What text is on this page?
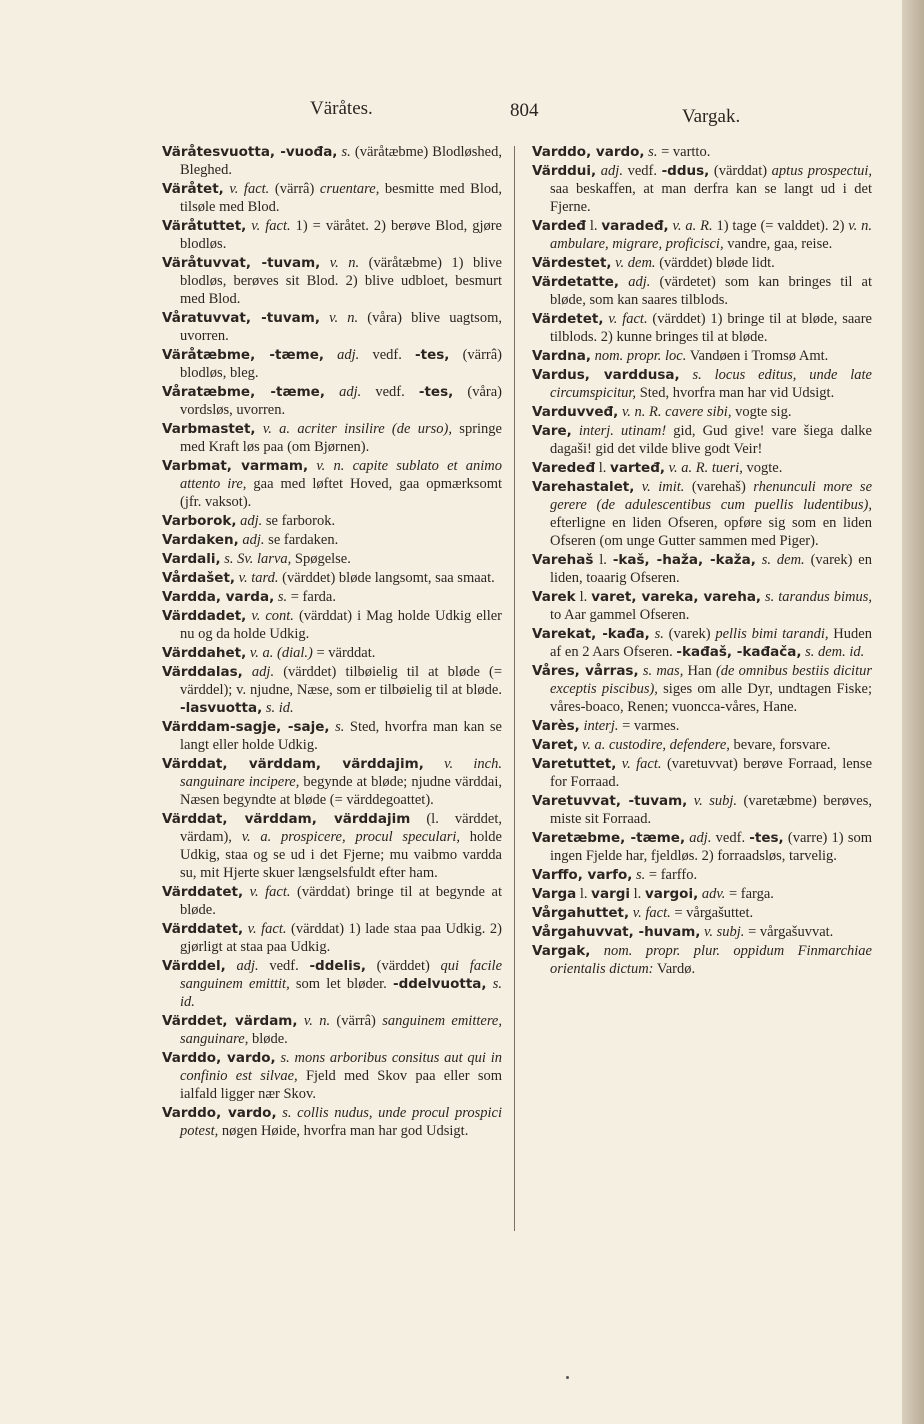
Väråtes.	804	Vargak.
Väråtesvuotta, -vuođa, s. (väråtæbme) Blodløshed, Bleghed.
Väråtet, v. fact. (värrâ) cruentare, besmitte med Blod, tilsøle med Blod.
Väråtuttet, v. fact. 1) = väråtet. 2) berøve Blod, gjøre blodløs.
Väråtuvvat, -tuvam, v. n. (väråtæbme) 1) blive blodløs, berøves sit Blod. 2) blive udbloet, besmurt med Blod.
Våratuvvat, -tuvam, v. n. (våra) blive uagtsom, uvorren.
Väråtæbme, -tæme, adj. vedf. -tes, (värrâ) blodløs, bleg.
Våratæbme, -tæme, adj. vedf. -tes, (våra) vordsløs, uvorren.
Varbmastet, v. a. acriter insilire (de urso), springe med Kraft løs paa (om Bjørnen).
Varbmat, varmam, v. n. capite sublato et animo attento ire, gaa med løftet Hoved, gaa opmærksomt (jfr. vaksot).
Varborok, adj. se farborok.
Vardaken, adj. se fardaken.
Vardali, s. Sv. larva, Spøgelse.
Vårdašet, v. tard. (värddet) bløde langsomt, saa smaat.
Vardda, varda, s. = farda.
Värddadet, v. cont. (värddat) i Mag holde Udkig eller nu og da holde Udkig.
Värddahet, v. a. (dial.) = värddat.
Värddalas, adj. (värddet) tilbøielig til at bløde (= värddel); v. njudne, Næse, som er tilbøielig til at bløde. -lasvuotta, s. id.
Värddam-sagje, -saje, s. Sted, hvorfra man kan se langt eller holde Udkig.
Värddat, värddam, värddajim, v. inch. sanguinare incipere, begynde at bløde; njudne värddai, Næsen begyndte at bløde (= värddegoattet).
Värddat, värddam, värddajim (l. värddet, värdam), v. a. prospicere, procul speculari, holde Udkig, staa og se ud i det Fjerne; mu vaibmo vardda su, mit Hjerte skuer længselsfuldt efter ham.
Värddatet, v. fact. (värddat) bringe til at begynde at bløde.
Värddatet, v. fact. (värddat) 1) lade staa paa Udkig. 2) gjørligt at staa paa Udkig.
Värddel, adj. vedf. -ddelis, (värddet) qui facile sanguinem emittit, som let bløder. -ddelvuotta, s. id.
Värddet, värdam, v. n. (värrâ) sanguinem emittere, sanguinare, bløde.
Varddo, vardo, s. mons arboribus consitus aut qui in confinio est silvae, Fjeld med Skov paa eller som ialfald ligger nær Skov.
Varddo, vardo, s. collis nudus, unde procul prospici potest, nøgen Høide, hvorfra man har god Udsigt.
Varddo, vardo, s. = vartto.
Värddui, adj. vedf. -ddus, (värddat) aptus prospectui, saa beskaffen, at man derfra kan se langt ud i det Fjerne.
Vardeđ l. varadeđ, v. a. R. 1) tage (= valddet). 2) v. n. ambulare, migrare, proficisci, vandre, gaa, reise.
Värdestet, v. dem. (värddet) bløde lidt.
Värdetatte, adj. (värdetet) som kan bringes til at bløde, som kan saares tilblods.
Värdetet, v. fact. (värddet) 1) bringe til at bløde, saare tilblods. 2) kunne bringes til at bløde.
Vardna, nom. propr. loc. Vandøen i Tromsø Amt.
Vardus, varddusa, s. locus editus, unde late circumspicitur, Sted, hvorfra man har vid Udsigt.
Varduvveđ, v. n. R. cavere sibi, vogte sig.
Vare, interj. utinam! gid, Gud give! vare šiega dalke dagaši! gid det vilde blive godt Veir!
Varedeđ l. varteđ, v. a. R. tueri, vogte.
Varehastalet, v. imit. (varehaš) rhenunculi more se gerere (de adulescentibus cum puellis ludentibus), efterligne en liden Ofseren, opføre sig som en liden Ofseren (om unge Gutter sammen med Piger).
Varehaš l. -kaš, -haža, -kaža, s. dem. (varek) en liden, toaarig Ofseren.
Varek l. varet, vareka, vareha, s. tarandus bimus, to Aar gammel Ofseren.
Varekat, -kađa, s. (varek) pellis bimi tarandi, Huden af en 2 Aars Ofseren. -kađaš, -kađača, s. dem. id.
Våres, vårras, s. mas, Han (de omnibus bestiis dicitur exceptis piscibus), siges om alle Dyr, undtagen Fiske; våres-boaco, Renen; vuonccа-våres, Hane.
Varès, interj. = varmes.
Varet, v. a. custodire, defendere, bevare, forsvare.
Varetuttet, v. fact. (varetuvvat) berøve Forraad, lense for Forraad.
Varetuvvat, -tuvam, v. subj. (varetæbme) berøves, miste sit Forraad.
Varetæbme, -tæme, adj. vedf. -tes, (varre) 1) som ingen Fjelde har, fjeldløs. 2) forraadsløs, tarvelig.
Varffo, varfo, s. = farffo.
Varga l. vargi l. vargoi, adv. = farga.
Vårgahuttet, v. fact. = vårgašuttet.
Vårgahuvvat, -huvam, v. subj. = vårgašuvvat.
Vargak, nom. propr. plur. oppidum Finmarchiae orientalis dictum: Vardø.
